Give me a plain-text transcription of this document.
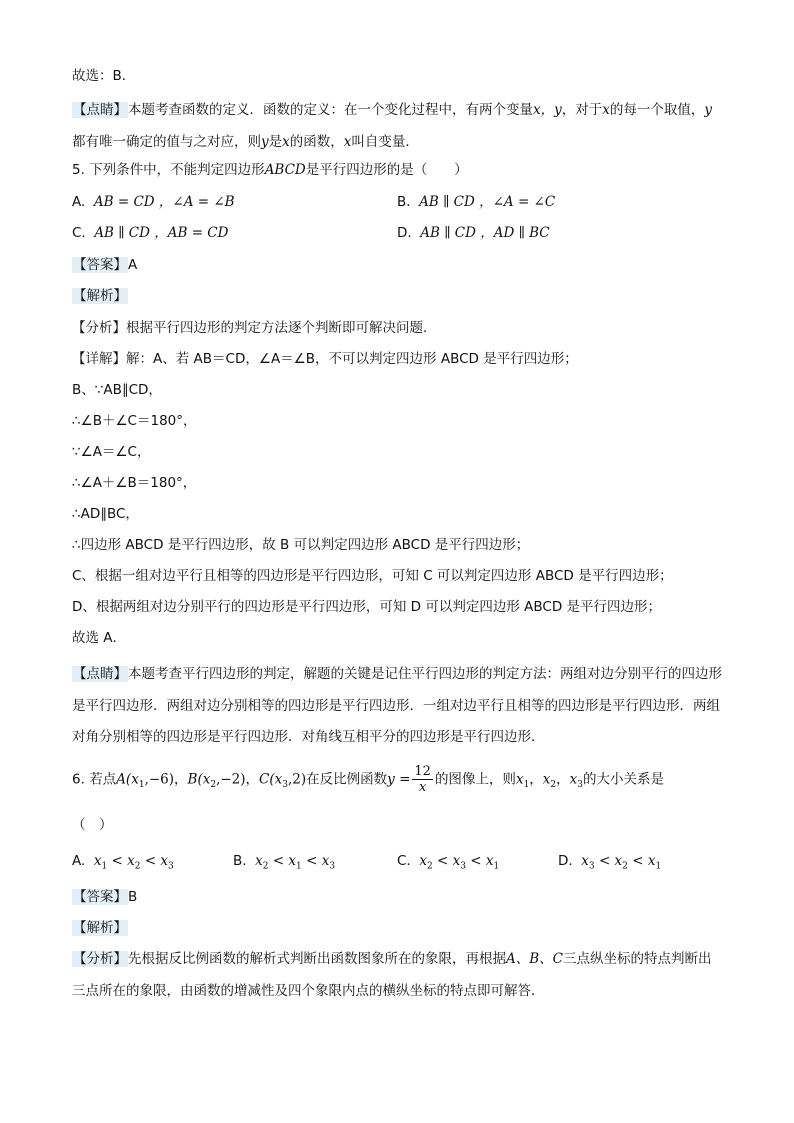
故选：B．
【点睛】本题考查函数的定义．函数的定义：在一个变化过程中，有两个变量x，y，对于x的每一个取值，y都有唯一确定的值与之对应，则y是x的函数，x叫自变量．
5. 下列条件中，不能判定四边形ABCD是平行四边形的是（　　）
A. AB = CD ，∠A = ∠B	B. AB ∥ CD ，∠A = ∠C
C. AB ∥ CD ，AB = CD	D. AB ∥ CD ，AD ∥ BC
【答案】A
【解析】
【分析】根据平行四边形的判定方法逐个判断即可解决问题．
【详解】解：A、若 AB＝CD，∠A＝∠B，不可以判定四边形 ABCD 是平行四边形；
B、∵AB∥CD，
∴∠B＋∠C＝180°，
∵∠A＝∠C，
∴∠A＋∠B＝180°，
∴AD∥BC，
∴四边形 ABCD 是平行四边形，故 B 可以判定四边形 ABCD 是平行四边形；
C、根据一组对边平行且相等的四边形是平行四边形，可知 C 可以判定四边形 ABCD 是平行四边形；
D、根据两组对边分别平行的四边形是平行四边形，可知 D 可以判定四边形 ABCD 是平行四边形；
故选 A．
【点睛】本题考查平行四边形的判定，解题的关键是记住平行四边形的判定方法：两组对边分别平行的四边形是平行四边形．两组对边分别相等的四边形是平行四边形．一组对边平行且相等的四边形是平行四边形．两组对角分别相等的四边形是平行四边形．对角线互相平分的四边形是平行四边形．
6. 若点$A(x_1,-6)$，$B(x_2,-2)$，$C(x_3,2)$在反比例函数$y = \frac{12}{x}$ 的图像上，则$x_1$，$x_2$，$x_3$的大小关系是
（　）
A. $x_1 < x_2 < x_3$	B. $x_2 < x_1 < x_3$	C. $x_2 < x_3 < x_1$	D. $x_3 < x_2 < x_1$
【答案】B
【解析】
【分析】先根据反比例函数的解析式判断出函数图象所在的象限，再根据A、B、C三点纵坐标的特点判断出三点所在的象限，由函数的增减性及四个象限内点的横纵坐标的特点即可解答．
